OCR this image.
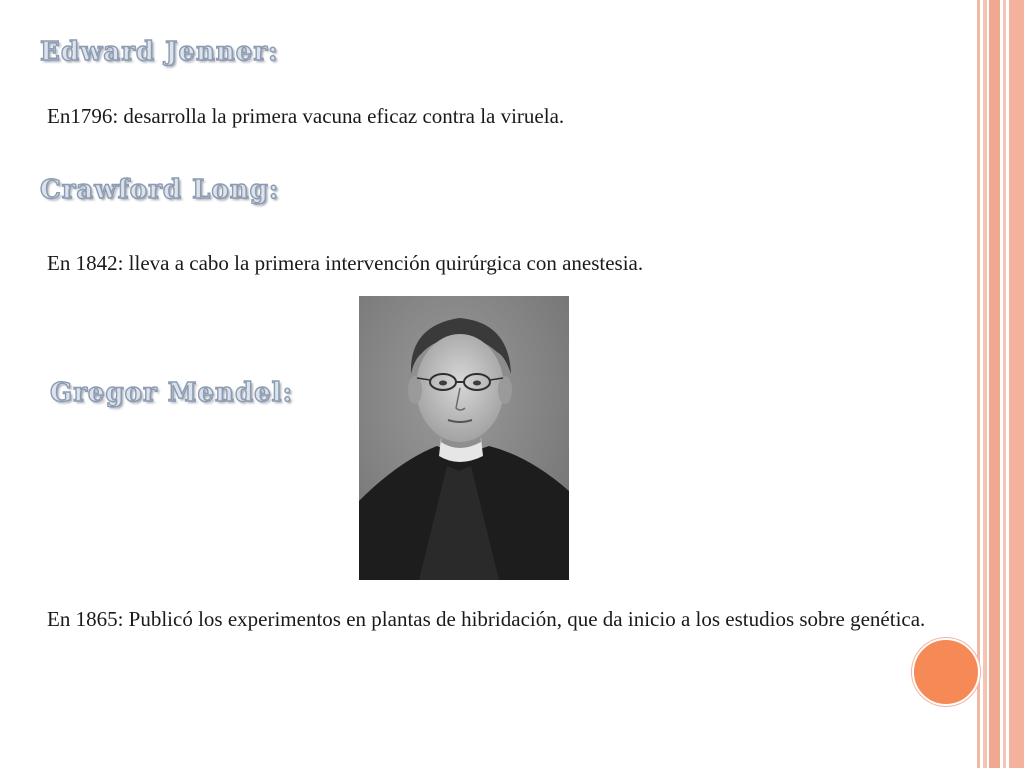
Edward Jenner:
En1796: desarrolla la primera vacuna eficaz contra la viruela.
Crawford Long:
En 1842: lleva a cabo la primera intervención quirúrgica con anestesia.
Gregor Mendel:
En 1865: Publicó los experimentos en plantas de hibridación, que da inicio a los estudios sobre genética.
